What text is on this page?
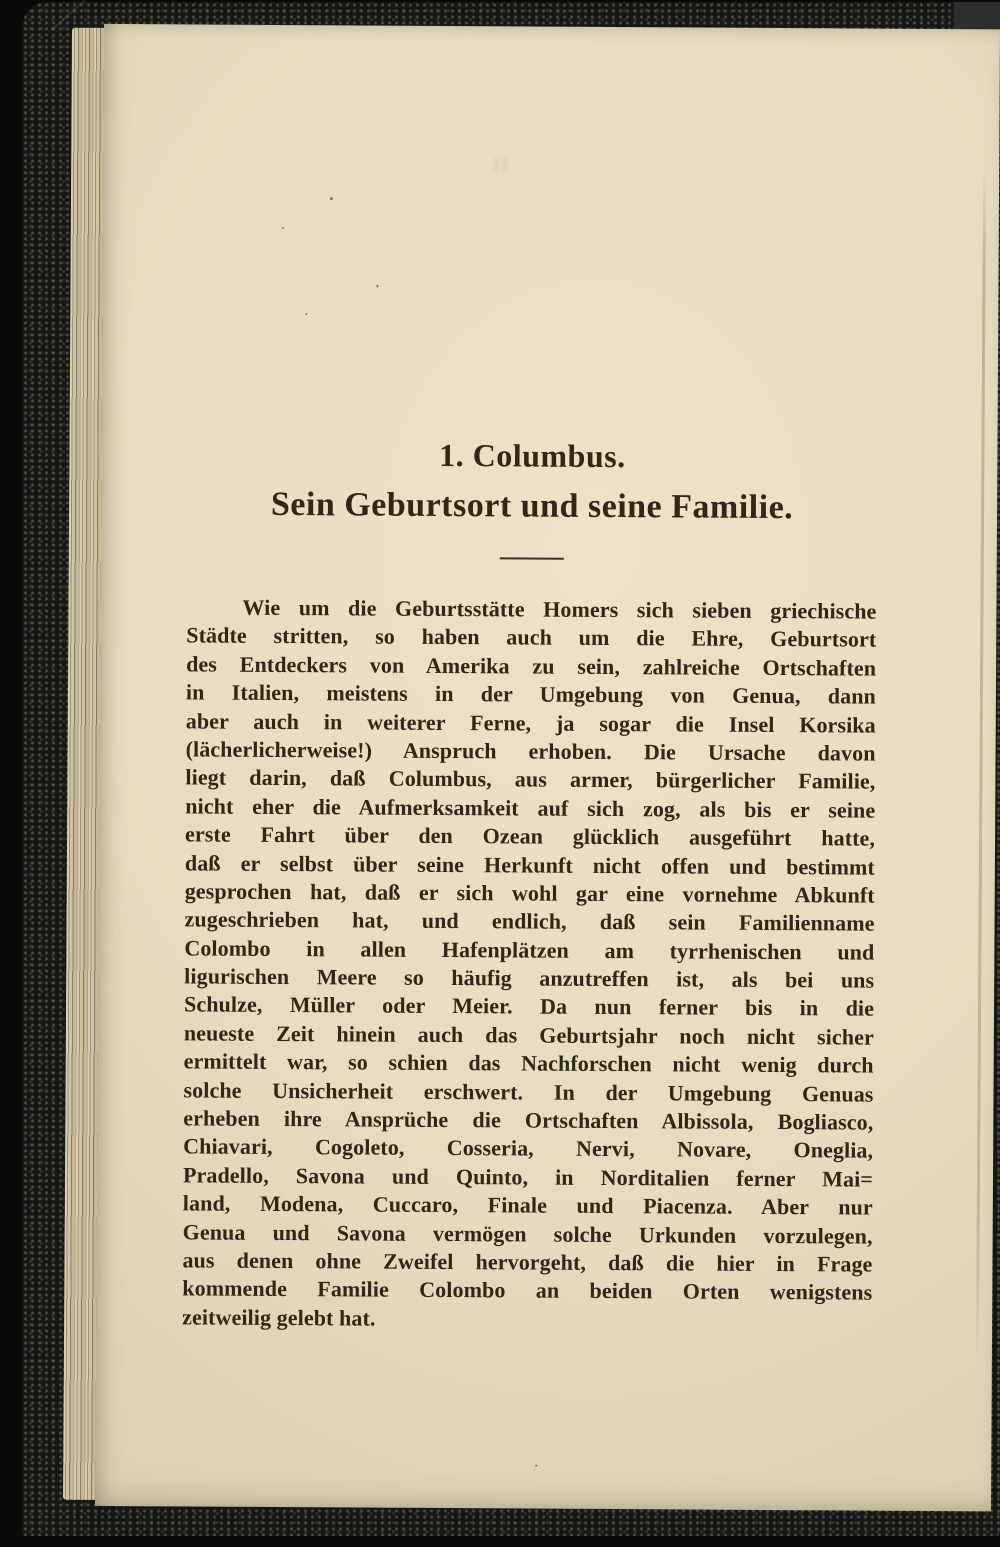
11
1. Columbus.
Sein Geburtsort und seine Familie.
Wie um die Geburtsstätte Homers sich sieben griechische
Städte stritten, so haben auch um die Ehre, Geburtsort
des Entdeckers von Amerika zu sein, zahlreiche Ortschaften
in Italien, meistens in der Umgebung von Genua, dann
aber auch in weiterer Ferne, ja sogar die Insel Korsika
(lächerlicherweise!) Anspruch erhoben. Die Ursache davon
liegt darin, daß Columbus, aus armer, bürgerlicher Familie,
nicht eher die Aufmerksamkeit auf sich zog, als bis er seine
erste Fahrt über den Ozean glücklich ausgeführt hatte,
daß er selbst über seine Herkunft nicht offen und bestimmt
gesprochen hat, daß er sich wohl gar eine vornehme Abkunft
zugeschrieben hat, und endlich, daß sein Familienname
Colombo in allen Hafenplätzen am tyrrhenischen und
ligurischen Meere so häufig anzutreffen ist, als bei uns
Schulze, Müller oder Meier. Da nun ferner bis in die
neueste Zeit hinein auch das Geburtsjahr noch nicht sicher
ermittelt war, so schien das Nachforschen nicht wenig durch
solche Unsicherheit erschwert. In der Umgebung Genuas
erheben ihre Ansprüche die Ortschaften Albissola, Bogliasco,
Chiavari, Cogoleto, Cosseria, Nervi, Novare, Oneglia,
Pradello, Savona und Quinto, in Norditalien ferner Mai=
land, Modena, Cuccaro, Finale und Piacenza. Aber nur
Genua und Savona vermögen solche Urkunden vorzulegen,
aus denen ohne Zweifel hervorgeht, daß die hier in Frage
kommende Familie Colombo an beiden Orten wenigstens
zeitweilig gelebt hat.
